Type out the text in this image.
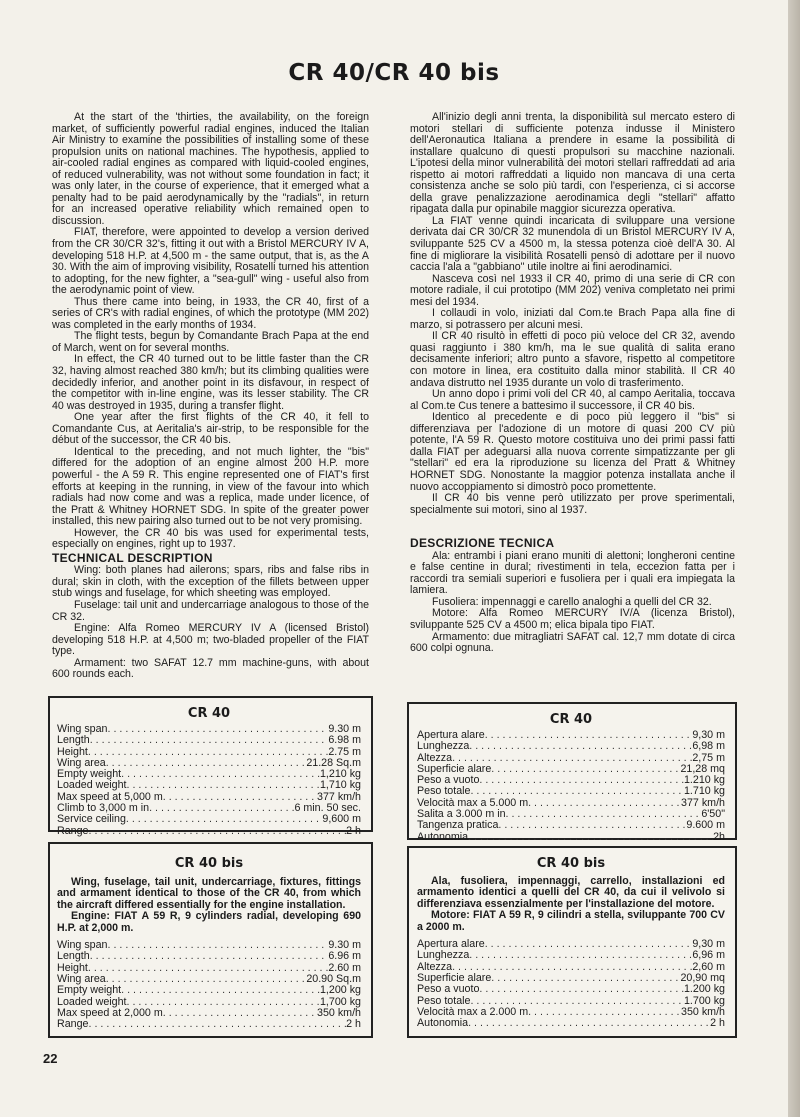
CR 40/CR 40 bis

At the start of the 'thirties, the availability, on the foreign market, of sufficiently powerful radial engines, induced the Italian Air Ministry to examine the possibilities of installing some of these propulsion units on national machines. The hypothesis, applied to air-cooled radial engines as compared with liquid-cooled engines, of reduced vulnerability, was not without some foundation in fact; it was only later, in the course of experience, that it emerged what a penalty had to be paid aerodynamically by the "radials", in return for an increased operative reliability which remained open to discussion.

FIAT, therefore, were appointed to develop a version derived from the CR 30/CR 32's, fitting it out with a Bristol MERCURY IV A, developing 518 H.P. at 4,500 m - the same output, that is, as the A 30. With the aim of improving visibility, Rosatelli turned his attention to adopting, for the new fighter, a "sea-gull" wing - useful also from the aerodynamic point of view.

Thus there came into being, in 1933, the CR 40, first of a series of CR's with radial engines, of which the prototype (MM 202) was completed in the early months of 1934.

The flight tests, begun by Comandante Brach Papa at the end of March, went on for several months.

In effect, the CR 40 turned out to be little faster than the CR 32, having almost reached 380 km/h; but its climbing qualities were decidedly inferior, and another point in its disfavour, in respect of the competitor with in-line engine, was its lesser stability. The CR 40 was destroyed in 1935, during a transfer flight.

One year after the first flights of the CR 40, it fell to Comandante Cus, at Aeritalia's air-strip, to be responsible for the début of the successor, the CR 40 bis.

Identical to the preceding, and not much lighter, the "bis" differed for the adoption of an engine almost 200 H.P. more powerful - the A 59 R. This engine represented one of FIAT's first efforts at keeping in the running, in view of the favour into which radials had now come and was a replica, made under licence, of the Pratt & Whitney HORNET SDG. In spite of the greater power installed, this new pairing also turned out to be not very promising.

However, the CR 40 bis was used for experimental tests, especially on engines, right up to 1937.

TECHNICAL DESCRIPTION

Wing: both planes had ailerons; spars, ribs and false ribs in dural; skin in cloth, with the exception of the fillets between upper stub wings and fuselage, for which sheeting was employed.

Fuselage: tail unit and undercarriage analogous to those of the CR 32.

Engine: Alfa Romeo MERCURY IV A (licensed Bristol) developing 518 H.P. at 4,500 m; two-bladed propeller of the FIAT type.

Armament: two SAFAT 12.7 mm machine-guns, with about 600 rounds each.

All'inizio degli anni trenta, la disponibilità sul mercato estero di motori stellari di sufficiente potenza indusse il Ministero dell'Aeronautica Italiana a prendere in esame la possibilità di installare qualcuno di questi propulsori su macchine nazionali. L'ipotesi della minor vulnerabilità dei motori stellari raffreddati ad aria rispetto ai motori raffreddati a liquido non mancava di una certa consistenza anche se solo più tardi, con l'esperienza, ci si accorse della grave penalizzazione aerodinamica degli "stellari" affatto ripagata dalla pur opinabile maggior sicurezza operativa.

La FIAT venne quindi incaricata di sviluppare una versione derivata dai CR 30/CR 32 munendola di un Bristol MERCURY IV A, sviluppante 525 CV a 4500 m, la stessa potenza cioè dell'A 30. Al fine di migliorare la visibilità Rosatelli pensò di adottare per il nuovo caccia l'ala a "gabbiano" utile inoltre ai fini aerodinamici.

Nasceva così nel 1933 il CR 40, primo di una serie di CR con motore radiale, il cui prototipo (MM 202) veniva completato nei primi mesi del 1934.

I collaudi in volo, iniziati dal Com.te Brach Papa alla fine di marzo, si potrassero per alcuni mesi.

Il CR 40 risultò in effetti di poco più veloce del CR 32, avendo quasi raggiunto i 380 km/h, ma le sue qualità di salita erano decisamente inferiori; altro punto a sfavore, rispetto al competitore con motore in linea, era costituito dalla minor stabilità. Il CR 40 andava distrutto nel 1935 durante un volo di trasferimento.

Un anno dopo i primi voli del CR 40, al campo Aeritalia, toccava al Com.te Cus tenere a battesimo il successore, il CR 40 bis.

Identico al precedente e di poco più leggero il "bis" si differenziava per l'adozione di un motore di quasi 200 CV più potente, l'A 59 R. Questo motore costituiva uno dei primi passi fatti dalla FIAT per adeguarsi alla nuova corrente simpatizzante per gli "stellari" ed era la riproduzione su licenza del Pratt & Whitney HORNET SDG. Nonostante la maggior potenza installata anche il nuovo accoppiamento si dimostrò poco promettente.

Il CR 40 bis venne però utilizzato per prove sperimentali, specialmente sui motori, sino al 1937.

DESCRIZIONE TECNICA

Ala: entrambi i piani erano muniti di alettoni; longheroni centine e false centine in dural; rivestimenti in tela, eccezion fatta per i raccordi tra semiali superiori e fusoliera per i quali era impiegata la lamiera.

Fusoliera: impennaggi e carello analoghi a quelli del CR 32.

Motore: Alfa Romeo MERCURY IV/A (licenza Bristol), sviluppante 525 CV a 4500 m; elica bipala tipo FIAT.

Armamento: due mitragliatri SAFAT cal. 12,7 mm dotate di circa 600 colpi ognuna.

CR 40
Wing span . . .	9.30 m
Length . . .	6.98 m
Height . . .	2.75 m
Wing area . . .	21.28 Sq.m
Empty weight . . .	1,210 kg
Loaded weight . . .	1,710 kg
Max speed at 5,000 m . . .	377 km/h
Climb to 3,000 m in . . .	6 min. 50 sec.
Service ceiling . . .	9,600 m
Range . . .	2 h
CR 40 bis

Wing, fuselage, tail unit, undercarriage, fixtures, fittings and armament identical to those of the CR 40, from which the aircraft differed essentially for the engine installation.

Engine: FIAT A 59 R, 9 cylinders radial, developing 690 H.P. at 2,000 m.

Wing span . . .	9.30 m
Length . . .	6.96 m
Height . . .	2.60 m
Wing area . . .	20.90 Sq.m
Empty weight . . .	1,200 kg
Loaded weight . . .	1,700 kg
Max speed at 2,000 m . . .	350 km/h
Range . . .	2 h
CR 40
Apertura alare . . .	9,30 m
Lunghezza . . .	6,98 m
Altezza . . .	2,75 m
Superficie alare . . .	21,28 mq
Peso a vuoto . . .	1.210 kg
Peso totale . . .	1.710 kg
Velocità max a 5.000 m . . .	377 km/h
Salita a 3.000 m in . . .	6'50"
Tangenza pratica . . .	9.600 m
Autonomia . . .	2h
CR 40 bis

Ala, fusoliera, impennaggi, carrello, installazioni ed armamento identici a quelli del CR 40, da cui il velivolo si differenziava essenzialmente per l'installazione del motore.

Motore: FIAT A 59 R, 9 cilindri a stella, sviluppante 700 CV a 2000 m.

Apertura alare . . .	9,30 m
Lunghezza . . .	6,96 m
Altezza . . .	2,60 m
Superficie alare . . .	20,90 mq
Peso a vuoto . . .	1.200 kg
Peso totale . . .	1.700 kg
Velocità max a 2.000 m . . .	350 km/h
Autonomia . . .	2 h
22
